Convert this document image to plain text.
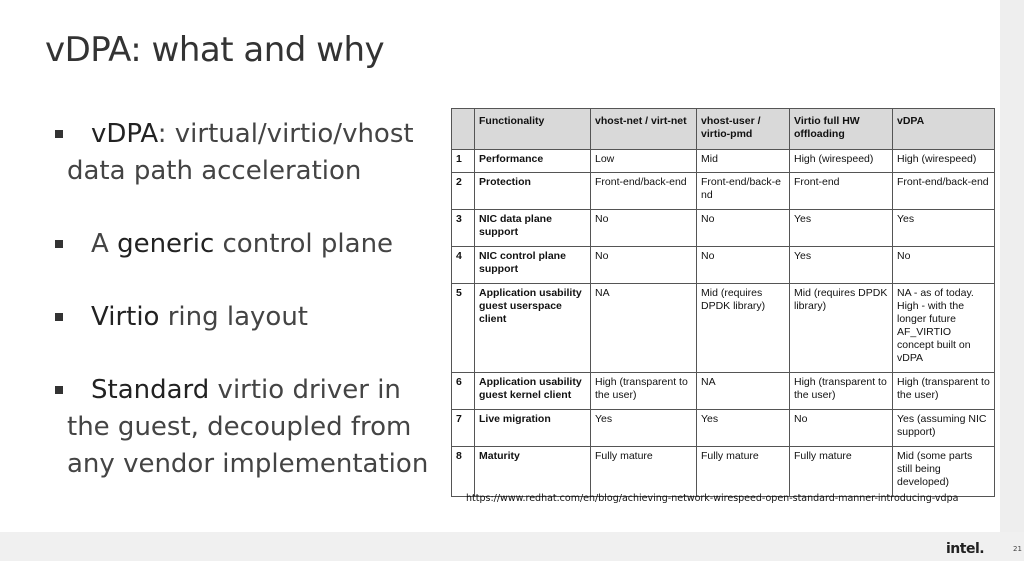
vDPA: what and why
vDPA: virtual/virtio/vhost data path acceleration
A generic control plane
Virtio ring layout
Standard virtio driver in the guest, decoupled from any vendor implementation
	Functionality	vhost-net / virt-net	vhost-user / virtio-pmd	Virtio full HW offloading	vDPA
1	Performance	Low	Mid	High (wirespeed)	High (wirespeed)
2	Protection	Front-end/back-end	Front-end/back-e nd	Front-end	Front-end/back-end
3	NIC data plane support	No	No	Yes	Yes
4	NIC control plane support	No	No	Yes	No
5	Application usability guest userspace client	NA	Mid (requires DPDK library)	Mid (requires DPDK library)	NA - as of today. High - with the longer future AF_VIRTIO concept built on vDPA
6	Application usability guest kernel client	High (transparent to the user)	NA	High (transparent to the user)	High (transparent to the user)
7	Live migration	Yes	Yes	No	Yes (assuming NIC support)
8	Maturity	Fully mature	Fully mature	Fully mature	Mid (some parts still being developed)
https://www.redhat.com/en/blog/achieving-network-wirespeed-open-standard-manner-introducing-vdpa
intel.	21
